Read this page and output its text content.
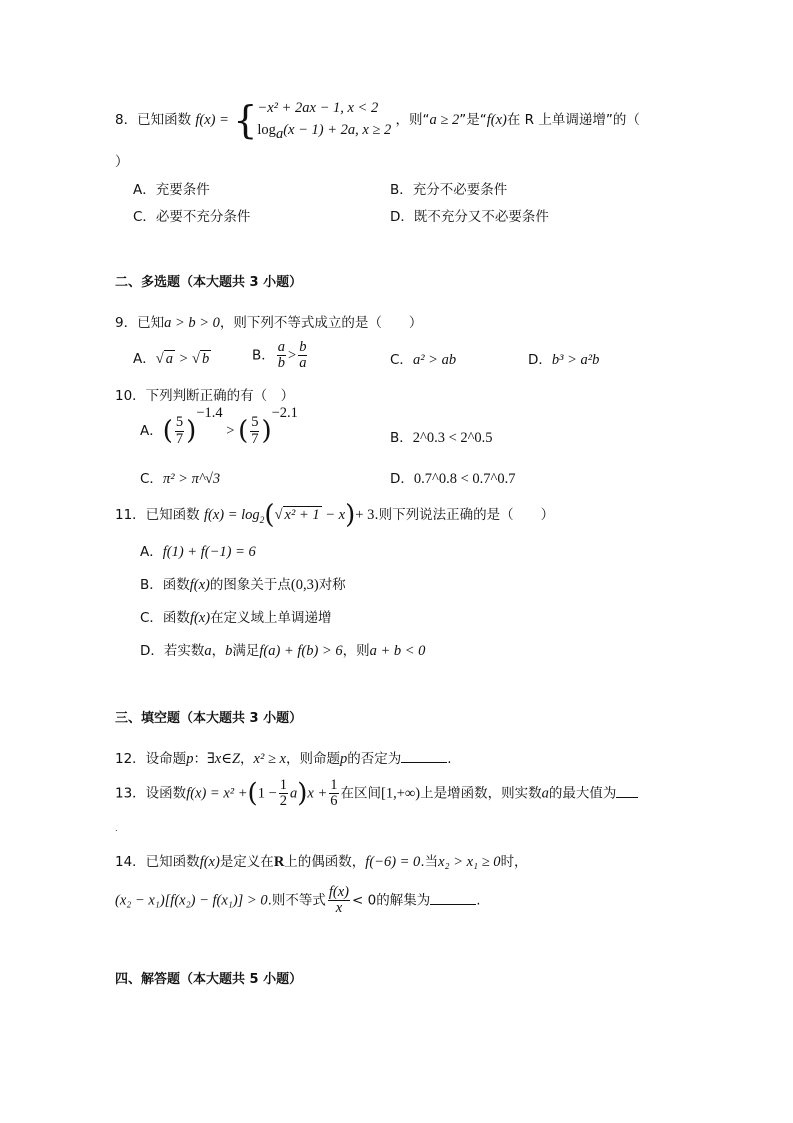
8．已知函数 f(x) = { −x² + 2ax − 1, x < 2
$\log_a(x - 1) + 2a$, x ≥ 2
，则“a ≥ 2”是“f(x)在 R 上单调递增”的（
）
A．充要条件	B．充分不必要条件
C．必要不充分条件	D．既不充分又不必要条件
二、多选题（本大题共 3 小题）
9．已知a > b > 0，则下列不等式成立的是（　　）
A．√ a > √ b	B． $\frac{a}{b} > \frac{b}{a}$	C．a² > ab	D．b³ > a²b
10．下列判断正确的有（　）
A．( $\frac{5}{7} )^{-1.4}$ > ( $\frac{5}{7} )^{-2.1}$
B．2^0.3 < 2^0.5
C．π² > π^√3	D．0.7^0.8 < 0.7^0.7
11．已知函数 $f(x) = \log_2(√$ x² + 1 − x)+ 3.则下列说法正确的是（　　）
A．f(1) + f(−1) = 6
B．函数f(x)的图象关于点(0,3)对称
C．函数f(x)在定义域上单调递增
D．若实数a，b满足f(a) + f(b) > 6，则a + b < 0
三、填空题（本大题共 3 小题）
12．设命题p：∃x∈Z，x² ≥ x，则命题p的否定为	.
13．设函数$f(x) = x^2 +(1 - \frac{1}{2} a)x + \frac{1}{6}$ 在区间[1,+∞)上是增函数，则实数a的最大值为
.
14．已知函数f(x)是定义在R上的偶函数，f(−6) = 0.当x₂ > x₁ ≥ 0时，
(x₂ − x₁)[f(x₂) − f(x₁)] > 0.则不等式 $\frac{f(x)}{x} < 0$的解集为	.
四、解答题（本大题共 5 小题）
